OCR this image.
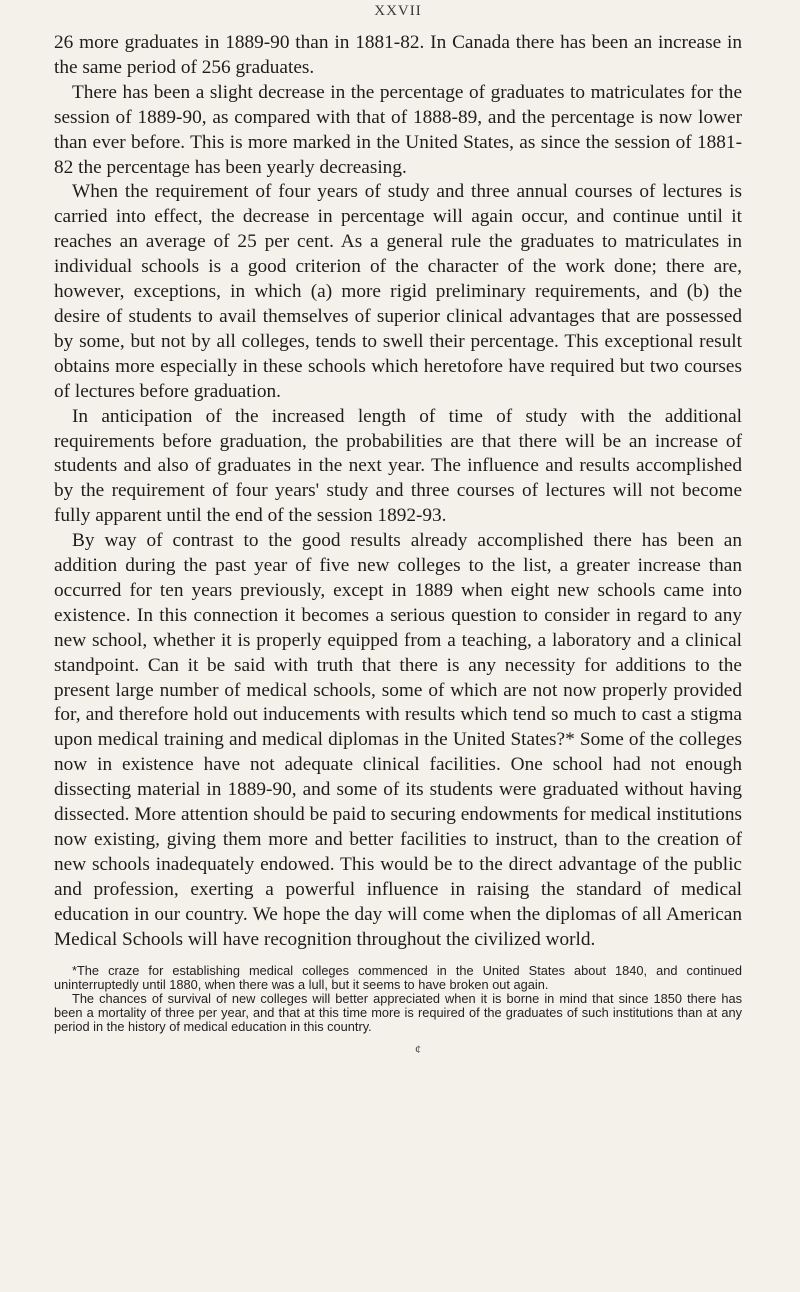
XXVII

26 more graduates in 1889-90 than in 1881-82. In Canada there has been an increase in the same period of 256 graduates.

There has been a slight decrease in the percentage of graduates to matriculates for the session of 1889-90, as compared with that of 1888-89, and the percentage is now lower than ever before. This is more marked in the United States, as since the session of 1881-82 the percentage has been yearly decreasing.

When the requirement of four years of study and three annual courses of lectures is carried into effect, the decrease in percentage will again occur, and continue until it reaches an average of 25 per cent. As a general rule the graduates to matriculates in individual schools is a good criterion of the character of the work done; there are, however, exceptions, in which (a) more rigid preliminary requirements, and (b) the desire of students to avail themselves of superior clinical advantages that are possessed by some, but not by all colleges, tends to swell their percentage. This exceptional result obtains more especially in these schools which heretofore have required but two courses of lectures before graduation.

In anticipation of the increased length of time of study with the additional requirements before graduation, the probabilities are that there will be an increase of students and also of graduates in the next year. The influence and results accomplished by the requirement of four years' study and three courses of lectures will not become fully apparent until the end of the session 1892-93.

By way of contrast to the good results already accomplished there has been an addition during the past year of five new colleges to the list, a greater increase than occurred for ten years previously, except in 1889 when eight new schools came into existence. In this connection it becomes a serious question to consider in regard to any new school, whether it is properly equipped from a teaching, a laboratory and a clinical standpoint. Can it be said with truth that there is any necessity for additions to the present large number of medical schools, some of which are not now properly provided for, and therefore hold out inducements with results which tend so much to cast a stigma upon medical training and medical diplomas in the United States?* Some of the colleges now in existence have not adequate clinical facilities. One school had not enough dissecting material in 1889-90, and some of its students were graduated without having dissected. More attention should be paid to securing endowments for medical institutions now existing, giving them more and better facilities to instruct, than to the creation of new schools inadequately endowed. This would be to the direct advantage of the public and profession, exerting a powerful influence in raising the standard of medical education in our country. We hope the day will come when the diplomas of all American Medical Schools will have recognition throughout the civilized world.

*The craze for establishing medical colleges commenced in the United States about 1840, and continued uninterruptedly until 1880, when there was a lull, but it seems to have broken out again.

The chances of survival of new colleges will better appreciated when it is borne in mind that since 1850 there has been a mortality of three per year, and that at this time more is required of the graduates of such institutions than at any period in the history of medical education in this country.

¢
